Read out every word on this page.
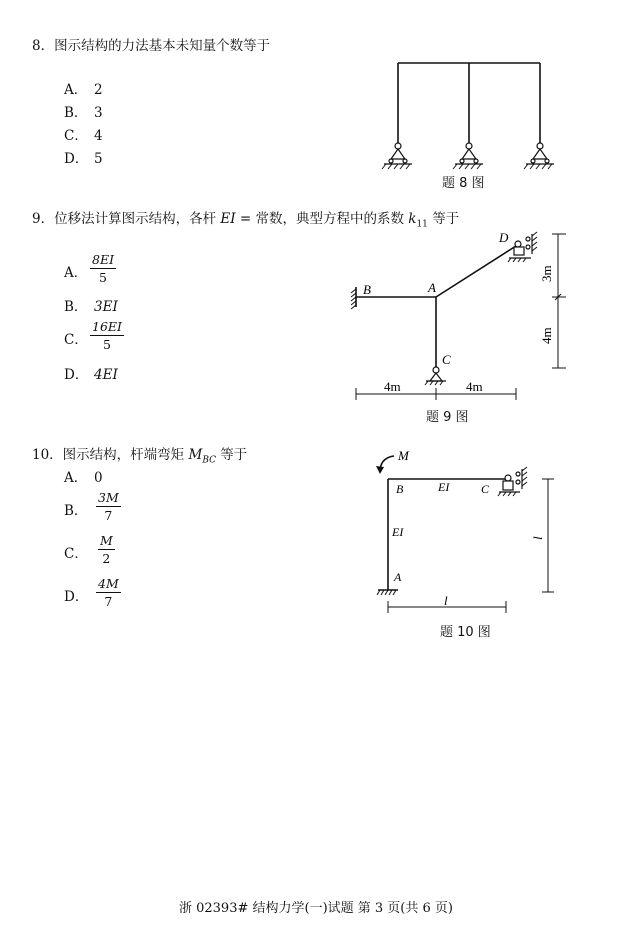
8．图示结构的力法基本未知量个数等于
A． 2
B． 3
C． 4
D． 5
题 8 图
9．位移法计算图示结构，各杆 EI = 常数，典型方程中的系数 $k_{11}$ 等于
A． $\frac{8EI}{5}$
B． 3EI
C． $\frac{16EI}{5}$
D． 4EI
B	A
C
D
3m
4m
4m	4m
题 9 图
10．图示结构，杆端弯矩 $M_{BC}$ 等于
A． 0
B． $\frac{3M}{7}$
C． $\frac{M}{2}$
D． $\frac{4M}{7}$
M
B	EI	C
EI
A
l
l
题 10 图
浙 02393# 结构力学(一)试题 第 3 页(共 6 页)
